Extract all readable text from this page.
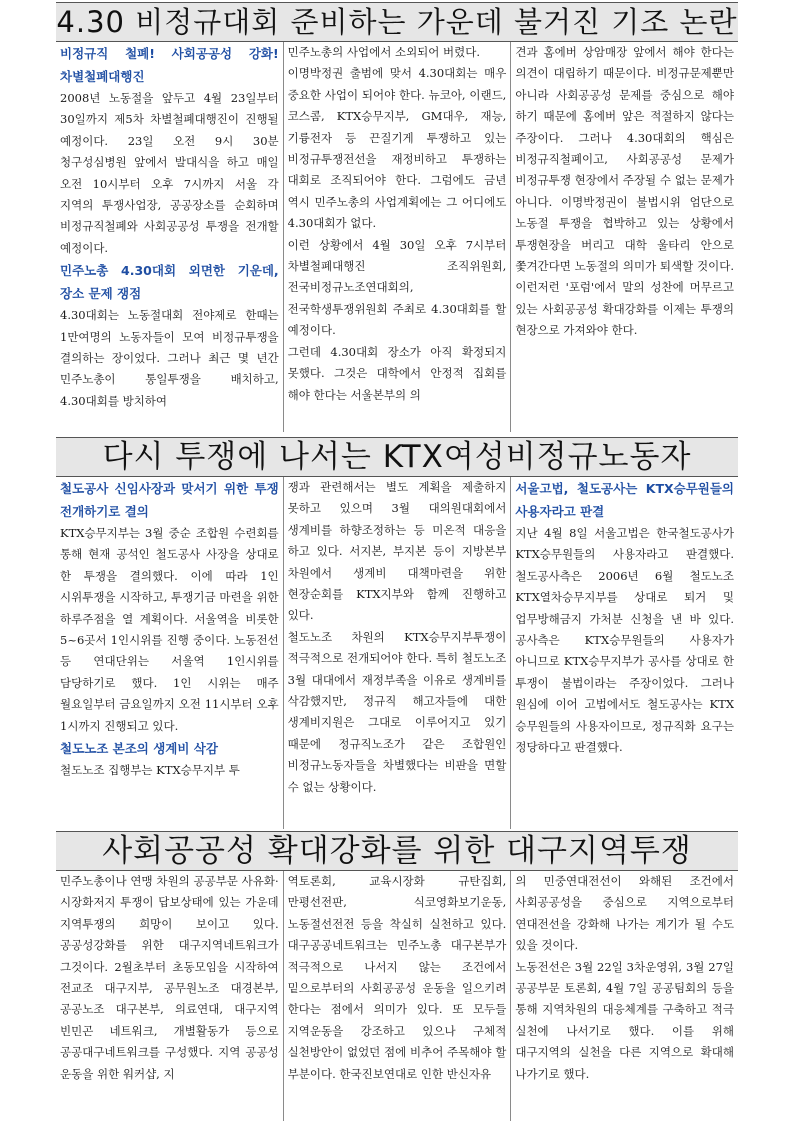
4.30 비정규대회 준비하는 가운데 불거진 기조 논란

비정규직 철폐! 사회공공성 강화! 차별철폐대행진

2008년 노동절을 앞두고 4월 23일부터 30일까지 제5차 차별철폐대행진이 진행될 예정이다. 23일 오전 9시 30분 청구성심병원 앞에서 발대식을 하고 매일 오전 10시부터 오후 7시까지 서울 각 지역의 투쟁사업장, 공공장소를 순회하며 비정규직철폐와 사회공공성 투쟁을 전개할 예정이다.

민주노총 4.30대회 외면한 기운데, 장소 문제 쟁점

4.30대회는 노동절대회 전야제로 한때는 1만여명의 노동자들이 모여 비정규투쟁을 결의하는 장이었다. 그러나 최근 몇 년간 민주노총이 통일투쟁을 배치하고, 4.30대회를 방치하여

민주노총의 사업에서 소외되어 버렸다.

이명박정권 출범에 맞서 4.30대회는 매우 중요한 사업이 되어야 한다. 뉴코아, 이랜드, 코스콤, KTX승무지부, GM대우, 재능, 기륭전자 등 끈질기게 투쟁하고 있는 비정규투쟁전선을 재정비하고 투쟁하는 대회로 조직되어야 한다. 그럼에도 금년 역시 민주노총의 사업계획에는 그 어디에도 4.30대회가 없다.

이런 상황에서 4월 30일 오후 7시부터 차별철폐대행진 조직위원회, 전국비정규노조연대회의, 전국학생투쟁위원회 주최로 4.30대회를 할 예정이다.

그런데 4.30대회 장소가 아직 확정되지 못했다. 그것은 대학에서 안정적 집회를 해야 한다는 서울본부의 의

견과 홈에버 상암매장 앞에서 해야 한다는 의견이 대립하기 때문이다. 비정규문제뿐만 아니라 사회공공성 문제를 중심으로 해야 하기 때문에 홈에버 앞은 적절하지 않다는 주장이다. 그러나 4.30대회의 핵심은 비정규직철폐이고, 사회공공성 문제가 비정규투쟁 현장에서 주장될 수 없는 문제가 아니다. 이명박정권이 불법시위 엄단으로 노동절 투쟁을 협박하고 있는 상황에서 투쟁현장을 버리고 대학 울타리 안으로 쫓겨간다면 노동절의 의미가 퇴색할 것이다. 이런저런 '포럼'에서 말의 성찬에 머무르고 있는 사회공공성 확대강화를 이제는 투쟁의 현장으로 가져와야 한다.

다시 투쟁에 나서는 KTX여성비정규노동자

철도공사 신임사장과 맞서기 위한 투쟁 전개하기로 결의

KTX승무지부는 3월 중순 조합원 수련회를 통해 현재 공석인 철도공사 사장을 상대로 한 투쟁을 결의했다. 이에 따라 1인 시위투쟁을 시작하고, 투쟁기금 마련을 위한 하루주점을 열 계획이다. 서울역을 비롯한 5~6곳서 1인시위를 진행 중이다. 노동전선 등 연대단위는 서울역 1인시위를 담당하기로 했다. 1인 시위는 매주 월요일부터 금요일까지 오전 11시부터 오후 1시까지 진행되고 있다.

철도노조 본조의 생계비 삭감

철도노조 집행부는 KTX승무지부 투

쟁과 관련해서는 별도 계획을 제출하지 못하고 있으며 3월 대의원대회에서 생계비를 하향조정하는 등 미온적 대응을 하고 있다. 서지본, 부지본 등이 지방본부 차원에서 생계비 대책마련을 위한 현장순회를 KTX지부와 함께 진행하고 있다.

철도노조 차원의 KTX승무지부투쟁이 적극적으로 전개되어야 한다. 특히 철도노조 3월 대대에서 재정부족을 이유로 생계비를 삭감했지만, 정규직 해고자들에 대한 생계비지원은 그대로 이루어지고 있기 때문에 정규직노조가 같은 조합원인 비정규노동자들을 차별했다는 비판을 면할 수 없는 상황이다.

서울고법, 철도공사는 KTX승무원들의 사용자라고 판결

지난 4월 8일 서울고법은 한국철도공사가 KTX승무원들의 사용자라고 판결했다. 철도공사측은 2006년 6월 철도노조 KTX열차승무지부를 상대로 퇴거 및 업무방해금지 가처분 신청을 낸 바 있다. 공사측은 KTX승무원들의 사용자가 아니므로 KTX승무지부가 공사를 상대로 한 투쟁이 불법이라는 주장이었다. 그러나 원심에 이어 고법에서도 철도공사는 KTX 승무원들의 사용자이므로, 정규직화 요구는 정당하다고 판결했다.

사회공공성 확대강화를 위한 대구지역투쟁

민주노총이나 연맹 차원의 공공부문 사유화·시장화저지 투쟁이 답보상태에 있는 가운데 지역투쟁의 희망이 보이고 있다. 공공성강화를 위한 대구지역네트워크가 그것이다. 2월초부터 초동모임을 시작하여 전교조 대구지부, 공무원노조 대경본부, 공공노조 대구본부, 의료연대, 대구지역 빈민곤 네트워크, 개별활동가 등으로 공공대구네트워크를 구성했다. 지역 공공성 운동을 위한 워커샵, 지

역토론회, 교육시장화 규탄집회, 만평선전판, 식코영화보기운동, 노동절선전전 등을 착실히 실천하고 있다. 대구공공네트워크는 민주노총 대구본부가 적극적으로 나서지 않는 조건에서 밑으로부터의 사회공공성 운동을 일으키려 한다는 점에서 의미가 있다. 또 모두들 지역운동을 강조하고 있으나 구체적 실천방안이 없었던 점에 비추어 주목해야 할 부분이다. 한국진보연대로 인한 반신자유

의 민중연대전선이 와해된 조건에서 사회공공성을 중심으로 지역으로부터 연대전선을 강화해 나가는 계기가 될 수도 있을 것이다.

노동전선은 3월 22일 3차운영위, 3월 27일 공공부문 토론회, 4월 7일 공공팀회의 등을 통해 지역차원의 대응체계를 구축하고 적극 실천에 나서기로 했다. 이를 위해 대구지역의 실천을 다른 지역으로 확대해 나가기로 했다.
